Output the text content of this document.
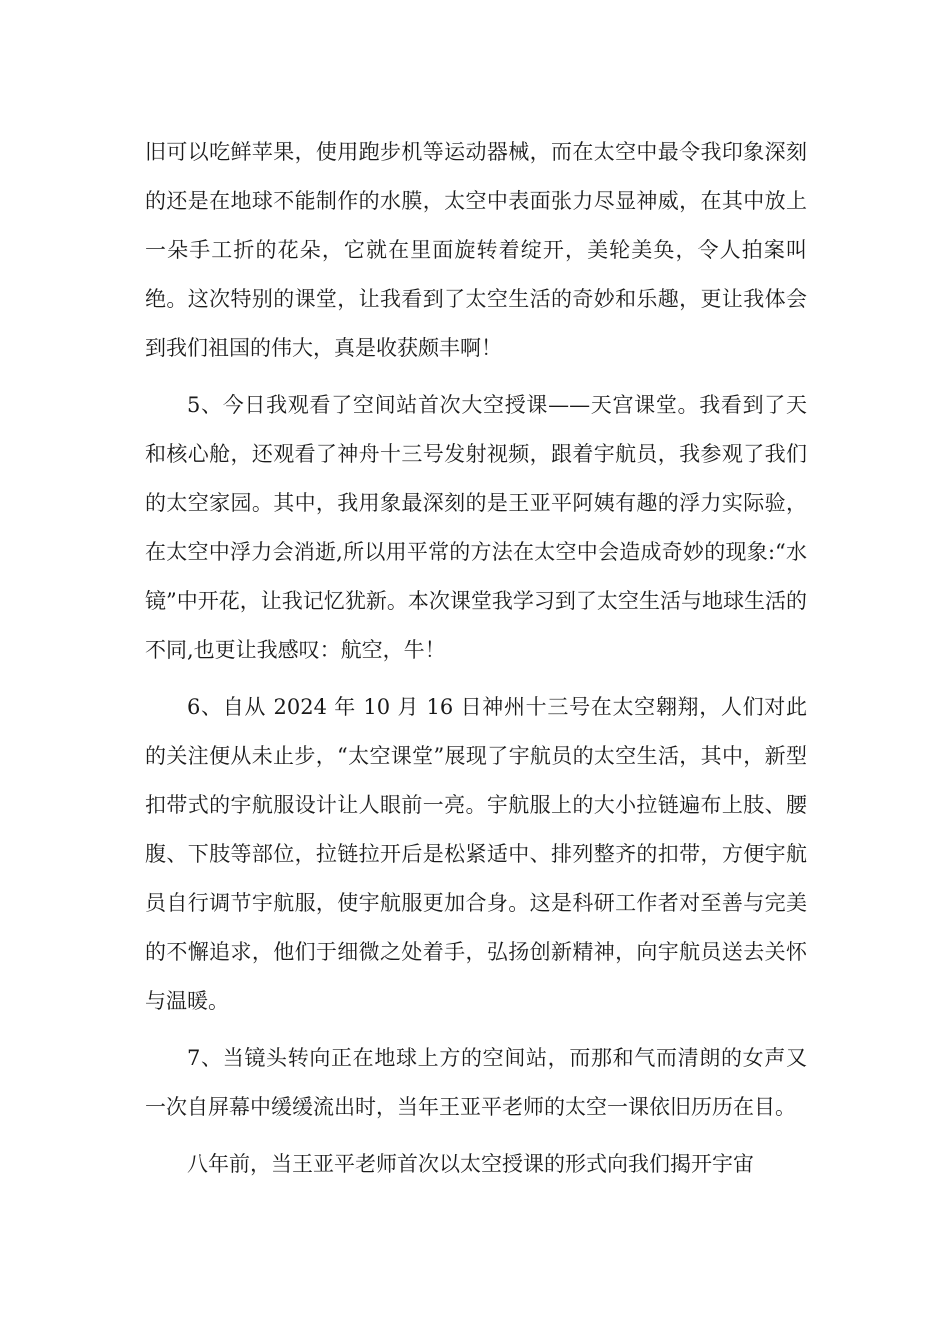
旧可以吃鲜苹果，使用跑步机等运动器械，而在太空中最令我印象深刻的还是在地球不能制作的水膜，太空中表面张力尽显神威，在其中放上一朵手工折的花朵，它就在里面旋转着绽开，美轮美奂，令人拍案叫绝。这次特别的课堂，让我看到了太空生活的奇妙和乐趣，更让我体会到我们祖国的伟大，真是收获颇丰啊！

5、今日我观看了空间站首次大空授课——天宫课堂。我看到了天和核心舱，还观看了神舟十三号发射视频，跟着宇航员，我参观了我们的太空家园。其中，我用象最深刻的是王亚平阿姨有趣的浮力实际验，在太空中浮力会消逝,所以用平常的方法在太空中会造成奇妙的现象:“水镜”中开花，让我记忆犹新。本次课堂我学习到了太空生活与地球生活的不同,也更让我感叹：航空，牛！

6、自从 2024 年 10 月 16 日神州十三号在太空翱翔，人们对此的关注便从未止步，“太空课堂”展现了宇航员的太空生活，其中，新型扣带式的宇航服设计让人眼前一亮。宇航服上的大小拉链遍布上肢、腰腹、下肢等部位，拉链拉开后是松紧适中、排列整齐的扣带，方便宇航员自行调节宇航服，使宇航服更加合身。这是科研工作者对至善与完美的不懈追求，他们于细微之处着手，弘扬创新精神，向宇航员送去关怀与温暖。

7、当镜头转向正在地球上方的空间站，而那和气而清朗的女声又一次自屏幕中缓缓流出时，当年王亚平老师的太空一课依旧历历在目。

八年前，当王亚平老师首次以太空授课的形式向我们揭开宇宙
